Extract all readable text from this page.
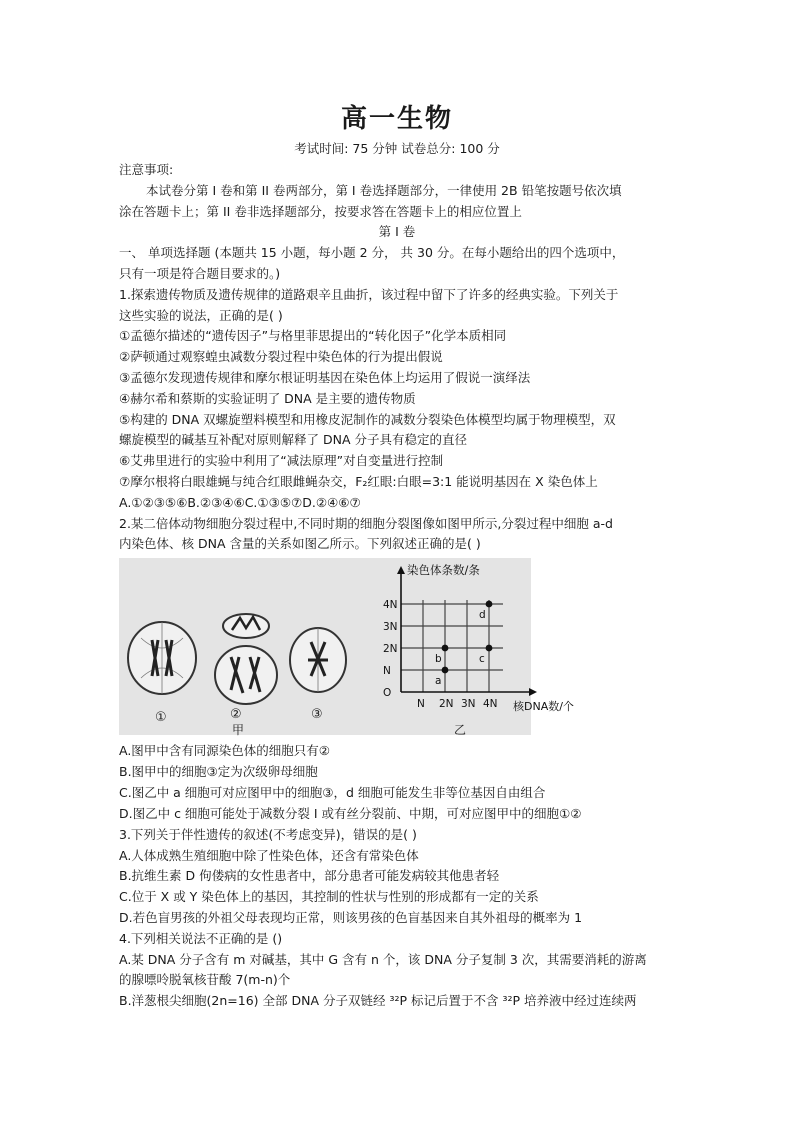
高一生物
考试时间: 75 分钟 试卷总分: 100 分
注意事项:
本试卷分第 I 卷和第 II 卷两部分，第 I 卷选择题部分，一律使用 2B 铅笔按题号依次填
涂在答题卡上；第 II 卷非选择题部分，按要求答在答题卡上的相应位置上
第 I 卷
一、 单项选择题 (本题共 15 小题，每小题 2 分， 共 30 分。在每小题给出的四个选项中，
只有一项是符合题目要求的。)
1.探索遗传物质及遗传规律的道路艰辛且曲折，该过程中留下了许多的经典实验。下列关于
这些实验的说法，正确的是( )
①孟德尔描述的“遗传因子”与格里菲思提出的“转化因子”化学本质相同
②萨顿通过观察蝗虫减数分裂过程中染色体的行为提出假说
③孟德尔发现遗传规律和摩尔根证明基因在染色体上均运用了假说一演绎法
④赫尔希和蔡斯的实验证明了 DNA 是主要的遗传物质
⑤构建的 DNA 双螺旋塑料模型和用橡皮泥制作的减数分裂染色体模型均属于物理模型，双
螺旋模型的碱基互补配对原则解释了 DNA 分子具有稳定的直径
⑥艾弗里进行的实验中利用了“减法原理”对自变量进行控制
⑦摩尔根将白眼雄蝇与纯合红眼雌蝇杂交，F₂红眼:白眼=3:1 能说明基因在 X 染色体上
A.①②③⑤⑥B.②③④⑥C.①③⑤⑦D.②④⑥⑦
2.某二倍体动物细胞分裂过程中,不同时期的细胞分裂图像如图甲所示,分裂过程中细胞 a-d
内染色体、核 DNA 含量的关系如图乙所示。下列叙述正确的是( )
①	②	③
甲	乙
染色体条数/条
核DNA数/个
N 2N 3N 4N
O
N
2N
3N
4N
a
b	c
d
A.图甲中含有同源染色体的细胞只有②
B.图甲中的细胞③定为次级卵母细胞
C.图乙中 a 细胞可对应图甲中的细胞③，d 细胞可能发生非等位基因自由组合
D.图乙中 c 细胞可能处于减数分裂 I 或有丝分裂前、中期，可对应图甲中的细胞①②
3.下列关于伴性遗传的叙述(不考虑变异)，错误的是( )
A.人体成熟生殖细胞中除了性染色体，还含有常染色体
B.抗维生素 D 佝偻病的女性患者中，部分患者可能发病较其他患者轻
C.位于 X 或 Y 染色体上的基因，其控制的性状与性别的形成都有一定的关系
D.若色盲男孩的外祖父母表现均正常，则该男孩的色盲基因来自其外祖母的概率为 1
4.下列相关说法不正确的是 ()
A.某 DNA 分子含有 m 对碱基，其中 G 含有 n 个，该 DNA 分子复制 3 次，其需要消耗的游离
的腺嘌呤脱氧核苷酸 7(m-n)个
B.洋葱根尖细胞(2n=16) 全部 DNA 分子双链经 ³²P 标记后置于不含 ³²P 培养液中经过连续两
